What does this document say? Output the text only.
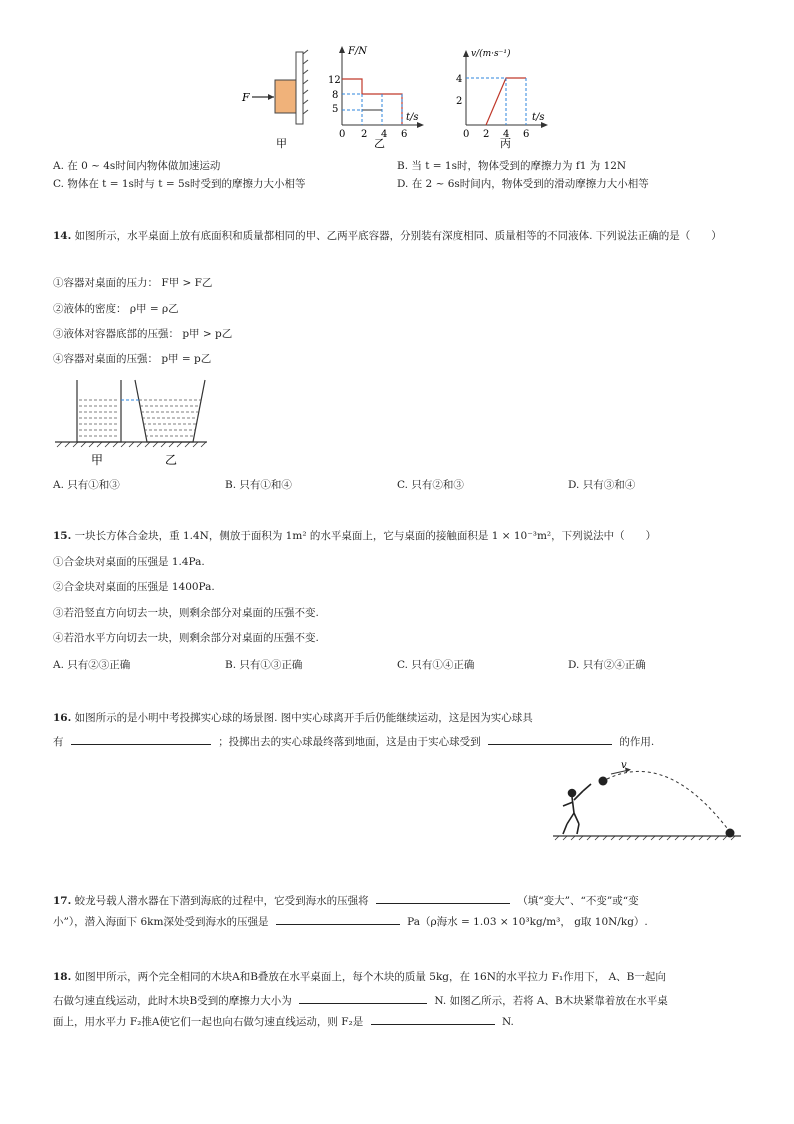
F
甲
F/N
t/s
12
8
5
0 2 4 6
乙
v/(m·s⁻¹)
t/s
4
2
0 2 4 6
丙
A. 在 0 ~ 4s时间内物体做加速运动	B. 当 t = 1s时，物体受到的摩擦力为 f1 为 12N
C. 物体在 t = 1s时与 t = 5s时受到的摩擦力大小相等	D. 在 2 ~ 6s时间内，物体受到的滑动摩擦力大小相等
14. 如图所示，水平桌面上放有底面积和质量都相同的甲、乙两平底容器，分别装有深度相同、质量相等的不同液体. 下列说法正确的是（　　）
①容器对桌面的压力： F甲 > F乙
②液体的密度： ρ甲 = ρ乙
③液体对容器底部的压强： p甲 > p乙
④容器对桌面的压强： p甲 = p乙
甲	乙
A. 只有①和③	B. 只有①和④	C. 只有②和③	D. 只有③和④
15. 一块长方体合金块，重 1.4N，侧放于面积为 1m² 的水平桌面上，它与桌面的接触面积是 1 × 10⁻³m²，下列说法中（　　）
①合金块对桌面的压强是 1.4Pa.
②合金块对桌面的压强是 1400Pa.
③若沿竖直方向切去一块，则剩余部分对桌面的压强不变.
④若沿水平方向切去一块，则剩余部分对桌面的压强不变.
A. 只有②③正确	B. 只有①③正确	C. 只有①④正确	D. 只有②④正确
16. 如图所示的是小明中考投掷实心球的场景图. 图中实心球离开手后仍能继续运动，这是因为实心球具
有	；投掷出去的实心球最终落到地面，这是由于实心球受到	的作用.
v
17. 蛟龙号载人潜水器在下潜到海底的过程中，它受到海水的压强将	（填“变大”、“不变”或“变
小”），潜入海面下 6km深处受到海水的压强是	Pa（ρ海水 = 1.03 × 10³kg/m³， g取 10N/kg）.
18. 如图甲所示，两个完全相同的木块A和B叠放在水平桌面上，每个木块的质量 5kg，在 16N的水平拉力 F₁作用下， A、B一起向
右做匀速直线运动，此时木块B受到的摩擦力大小为	N. 如图乙所示，若将 A、B木块紧靠着放在水平桌
面上，用水平力 F₂推A使它们一起也向右做匀速直线运动，则 F₂是	N.
